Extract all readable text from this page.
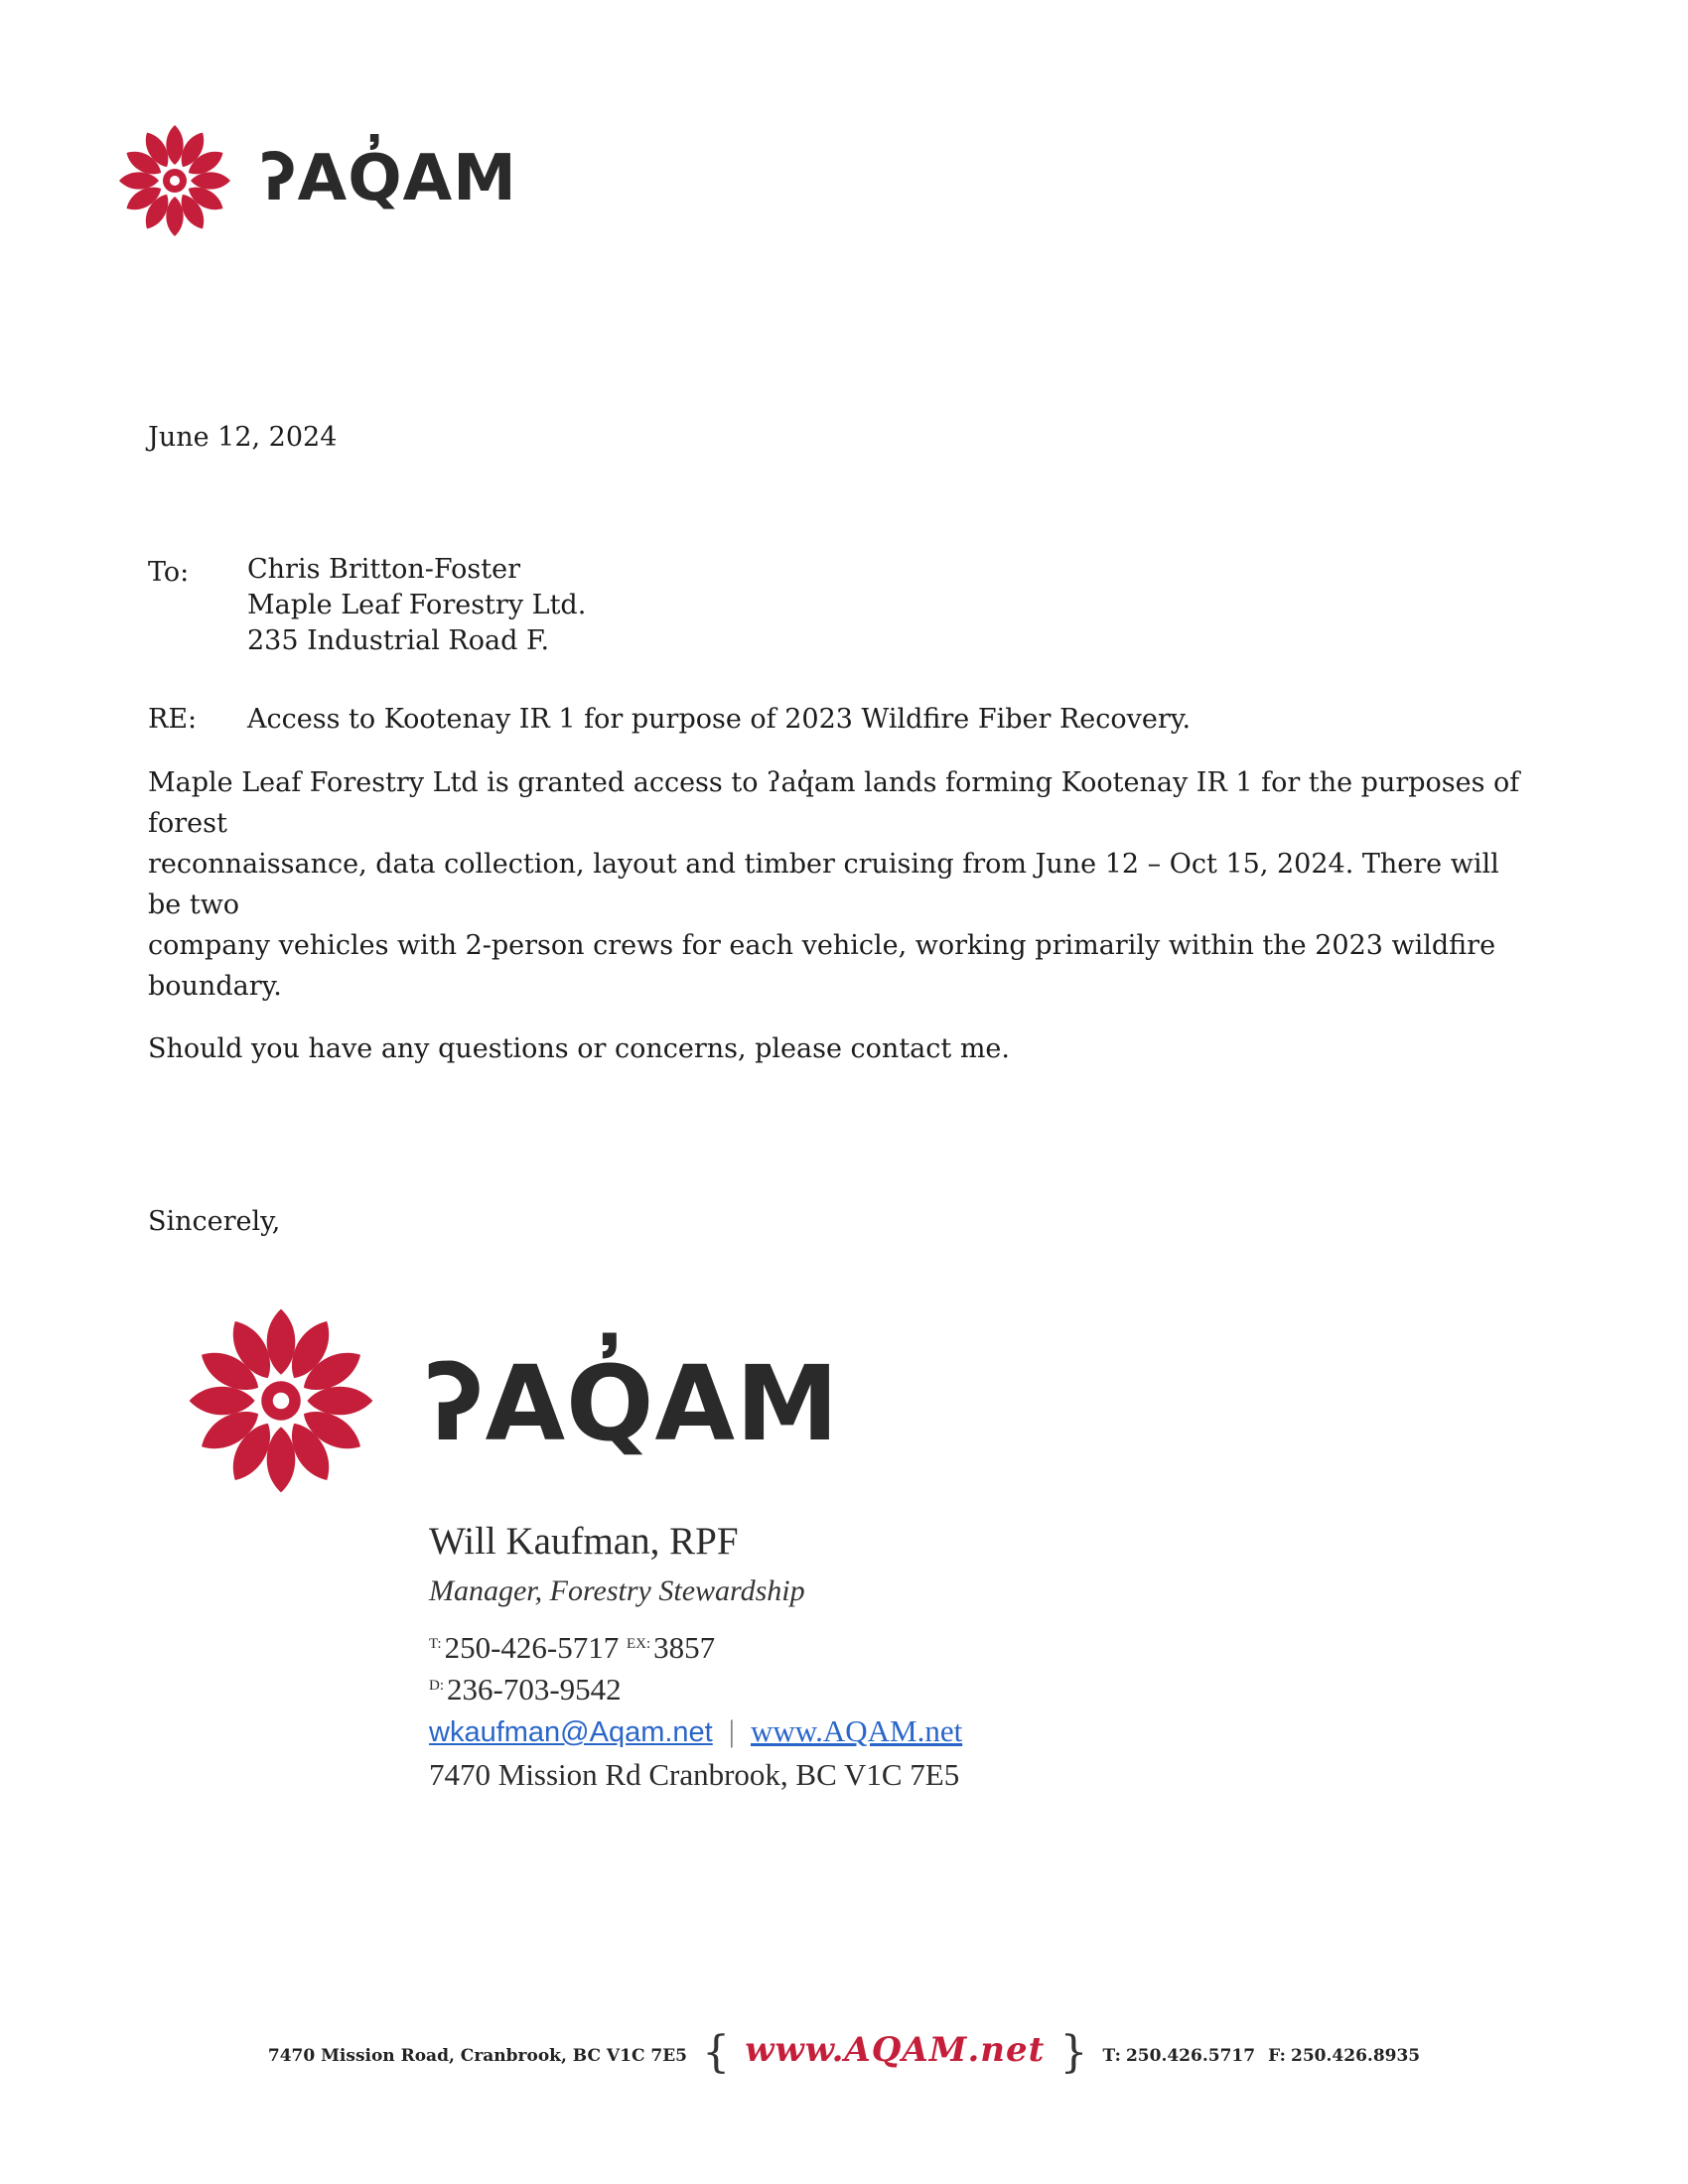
ʔAQ̓AM
June 12, 2024
To: Chris Britton-Foster
Maple Leaf Forestry Ltd.
235 Industrial Road F.
RE: Access to Kootenay IR 1 for purpose of 2023 Wildfire Fiber Recovery.

Maple Leaf Forestry Ltd is granted access to ʔaq̓am lands forming Kootenay IR 1 for the purposes of forest

reconnaissance, data collection, layout and timber cruising from June 12 – Oct 15, 2024. There will be two

company vehicles with 2-person crews for each vehicle, working primarily within the 2023 wildfire

boundary.

Should you have any questions or concerns, please contact me.
Sincerely,
ʔAQ̓AM
Will Kaufman, RPF
Manager, Forestry Stewardship
$^{T:}$250-426-5717 $^{EX:}$3857
$^{D:}$236-703-9542
wkaufman@Aqam.net | www.AQAM.net
7470 Mission Rd Cranbrook, BC V1C 7E5
7470 Mission Road, Cranbrook, BC V1C 7E5 { www.AQAM.net } T: 250.426.5717 F: 250.426.8935
